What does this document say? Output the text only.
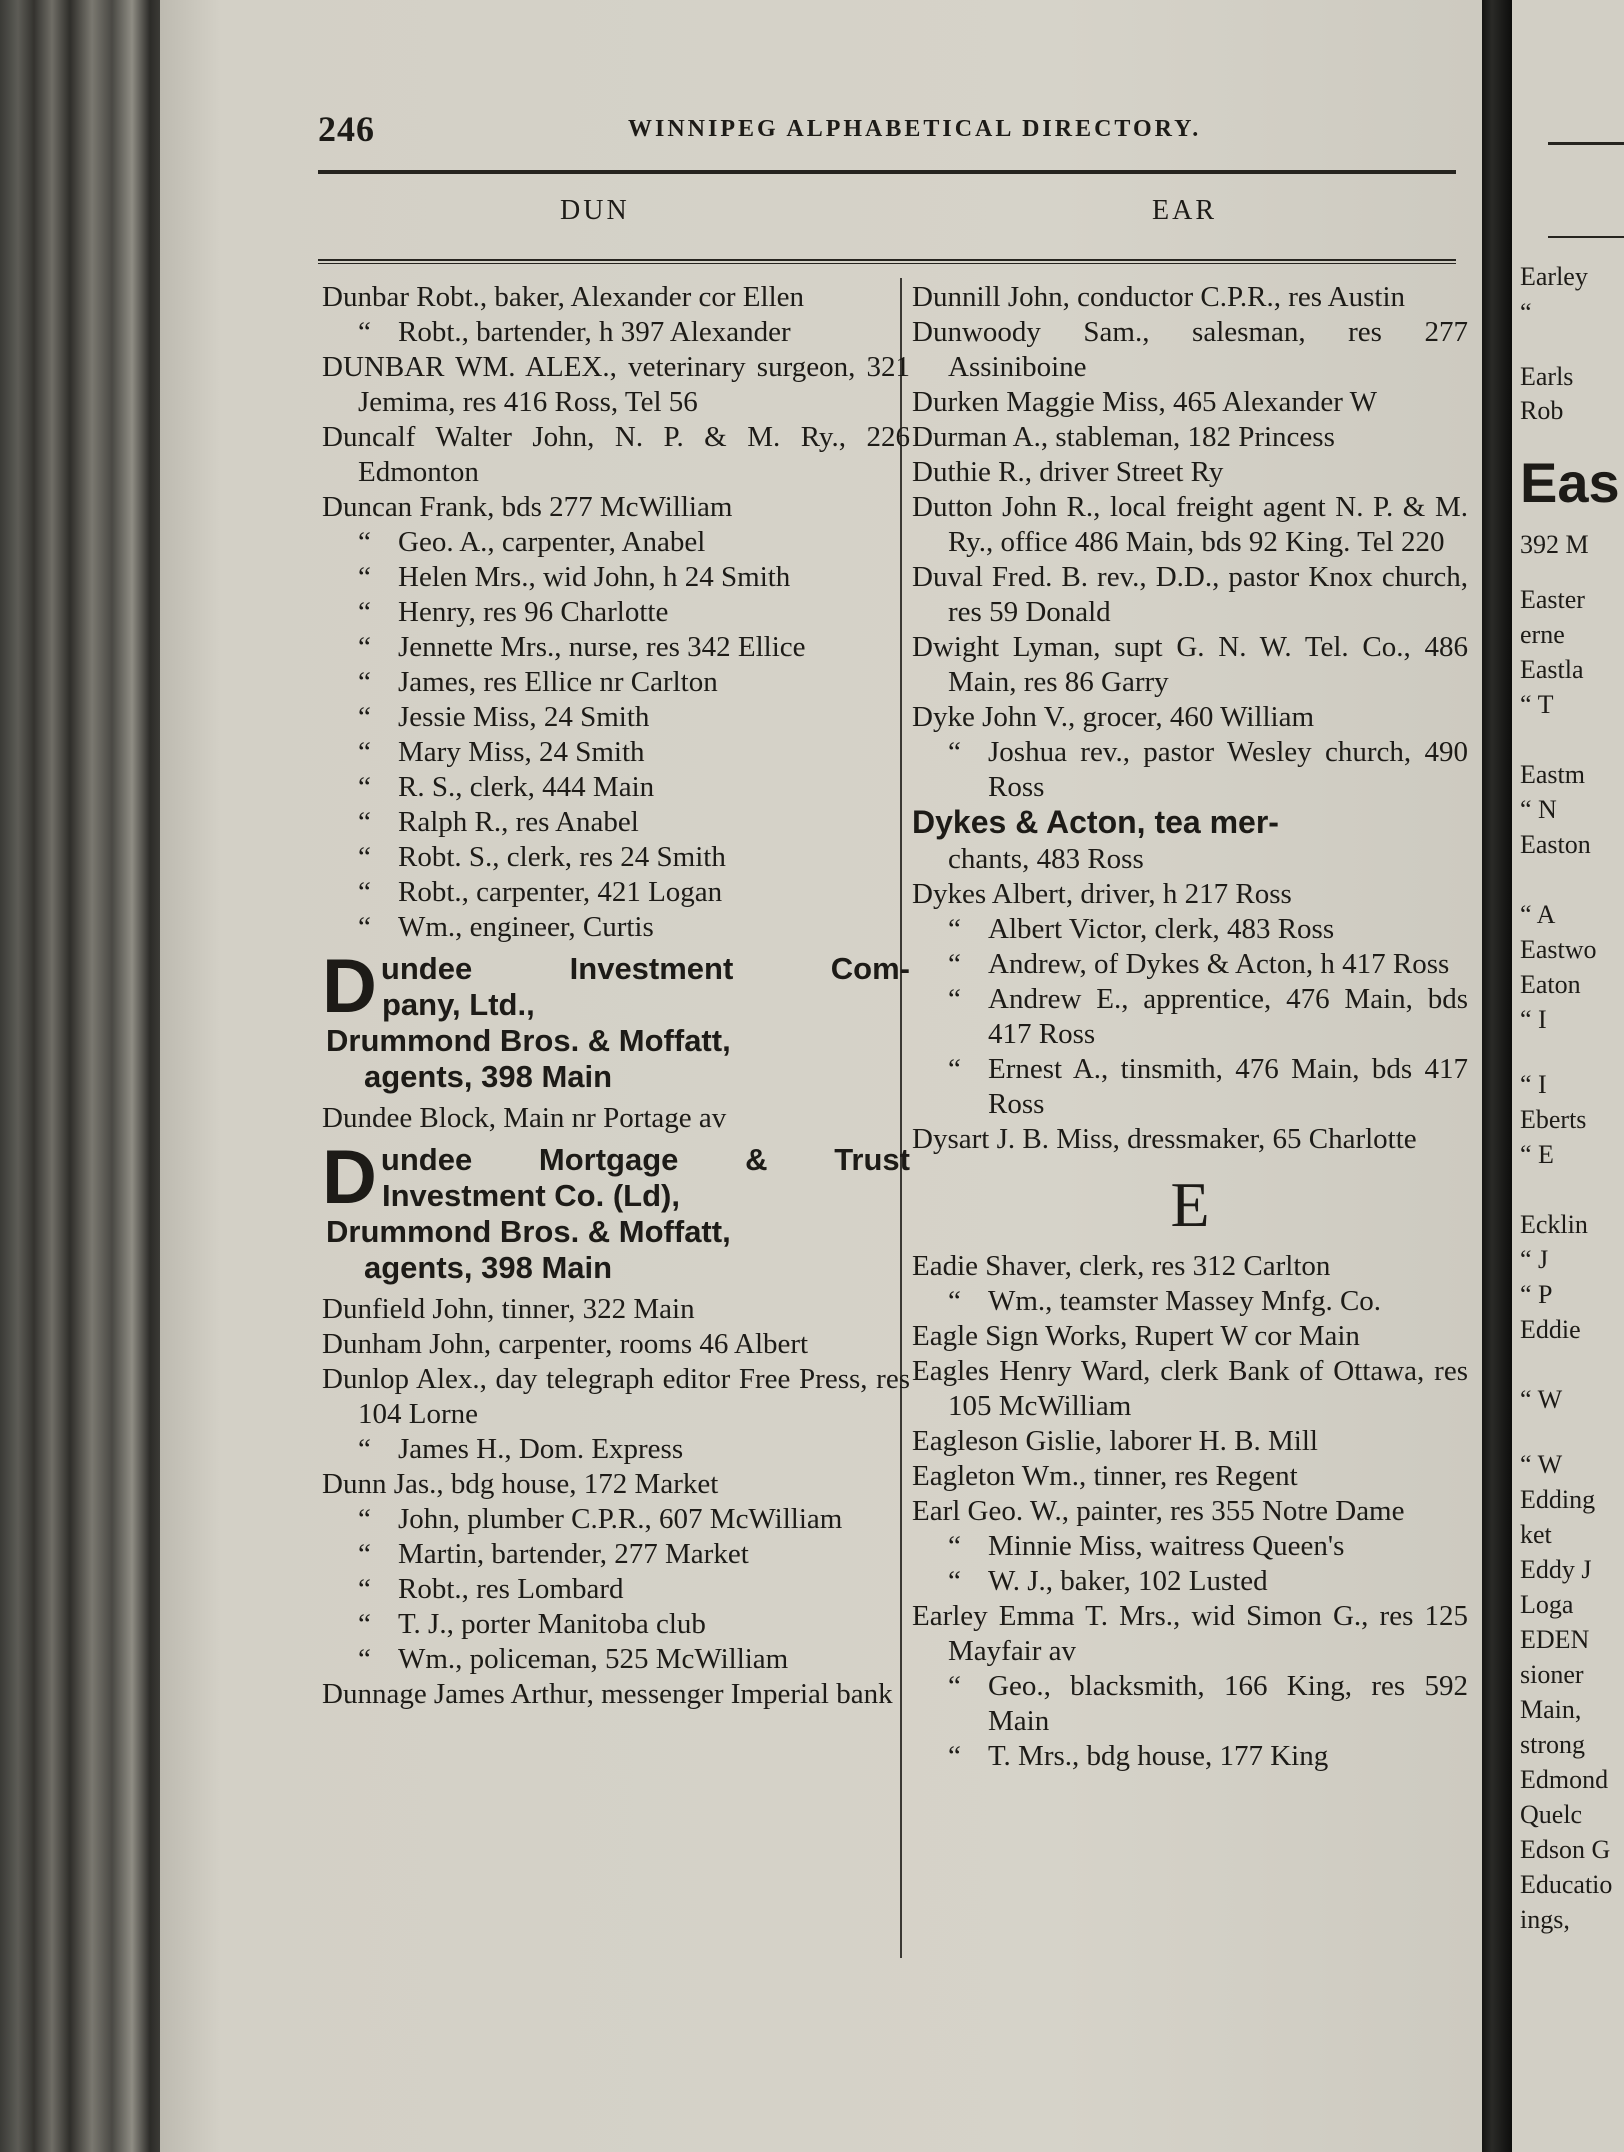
246	WINNIPEG ALPHABETICAL DIRECTORY.
DUN	EAR
Dunbar Robt., baker, Alexander cor Ellen
“ Robt., bartender, h 397 Alexander
DUNBAR WM. ALEX., veterinary surgeon, 321 Jemima, res 416 Ross, Tel 56
Duncalf Walter John, N. P. & M. Ry., 226 Edmonton
Duncan Frank, bds 277 McWilliam
“ Geo. A., carpenter, Anabel
“ Helen Mrs., wid John, h 24 Smith
“ Henry, res 96 Charlotte
“ Jennette Mrs., nurse, res 342 Ellice
“ James, res Ellice nr Carlton
“ Jessie Miss, 24 Smith
“ Mary Miss, 24 Smith
“ R. S., clerk, 444 Main
“ Ralph R., res Anabel
“ Robt. S., clerk, res 24 Smith
“ Robt., carpenter, 421 Logan
“ Wm., engineer, Curtis
D undee Investment Com-
pany, Ltd.,
Drummond Bros. & Moffatt,
agents, 398 Main
Dundee Block, Main nr Portage av
D undee Mortgage & Trust
Investment Co. (Ld),
Drummond Bros. & Moffatt,
agents, 398 Main
Dunfield John, tinner, 322 Main
Dunham John, carpenter, rooms 46 Albert
Dunlop Alex., day telegraph editor Free Press, res 104 Lorne
“ James H., Dom. Express
Dunn Jas., bdg house, 172 Market
“ John, plumber C.P.R., 607 McWilliam
“ Martin, bartender, 277 Market
“ Robt., res Lombard
“ T. J., porter Manitoba club
“ Wm., policeman, 525 McWilliam
Dunnage James Arthur, messenger Imperial bank
Dunnill John, conductor C.P.R., res Austin
Dunwoody Sam., salesman, res 277 Assiniboine
Durken Maggie Miss, 465 Alexander W
Durman A., stableman, 182 Princess
Duthie R., driver Street Ry
Dutton John R., local freight agent N. P. & M. Ry., office 486 Main, bds 92 King. Tel 220
Duval Fred. B. rev., D.D., pastor Knox church, res 59 Donald
Dwight Lyman, supt G. N. W. Tel. Co., 486 Main, res 86 Garry
Dyke John V., grocer, 460 William
“ Joshua rev., pastor Wesley church, 490 Ross
Dykes & Acton, tea mer-
chants, 483 Ross
Dykes Albert, driver, h 217 Ross
“ Albert Victor, clerk, 483 Ross
“ Andrew, of Dykes & Acton, h 417 Ross
“ Andrew E., apprentice, 476 Main, bds 417 Ross
“ Ernest A., tinsmith, 476 Main, bds 417 Ross
Dysart J. B. Miss, dressmaker, 65 Charlotte
E
Eadie Shaver, clerk, res 312 Carlton
“ Wm., teamster Massey Mnfg. Co.
Eagle Sign Works, Rupert W cor Main
Eagles Henry Ward, clerk Bank of Ottawa, res 105 McWilliam
Eagleson Gislie, laborer H. B. Mill
Eagleton Wm., tinner, res Regent
Earl Geo. W., painter, res 355 Notre Dame
“ Minnie Miss, waitress Queen's
“ W. J., baker, 102 Lusted
Earley Emma T. Mrs., wid Simon G., res 125 Mayfair av
“ Geo., blacksmith, 166 King, res 592 Main
“ T. Mrs., bdg house, 177 King
Earley
“
Earls
Rob
Eas
392 M
Easter
erne
Eastla
“ T
Eastm
“ N
Easton
“ A
Eastwo
Eaton
“ I
“ I
Eberts
“ E
Ecklin
“ J
“ P
Eddie
“ W
“ W
Edding
ket
Eddy J
Loga
EDEN
sioner
Main,
strong
Edmond
Quelc
Edson G
Educatio
ings,
